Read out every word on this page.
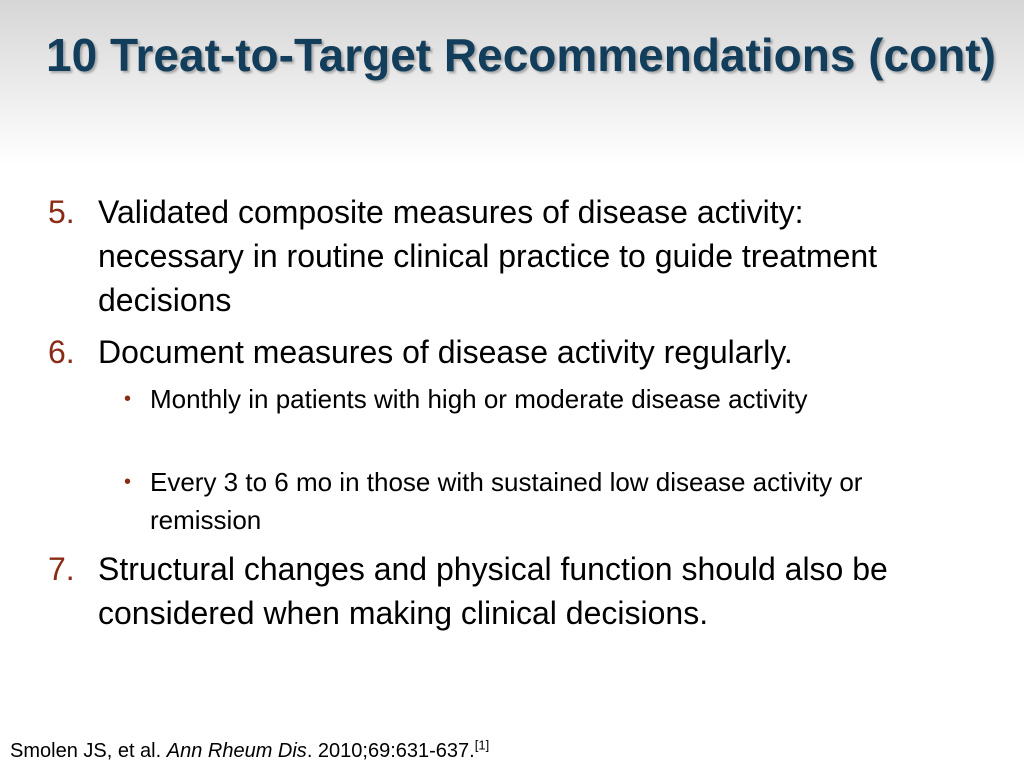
10 Treat-to-Target Recommendations (cont)
5. Validated composite measures of disease activity: necessary in routine clinical practice to guide treatment decisions
6. Document measures of disease activity regularly.
• Monthly in patients with high or moderate disease activity
• Every 3 to 6 mo in those with sustained low disease activity or remission
7. Structural changes and physical function should also be considered when making clinical decisions.
Smolen JS, et al. Ann Rheum Dis. 2010;69:631-637.[1]
